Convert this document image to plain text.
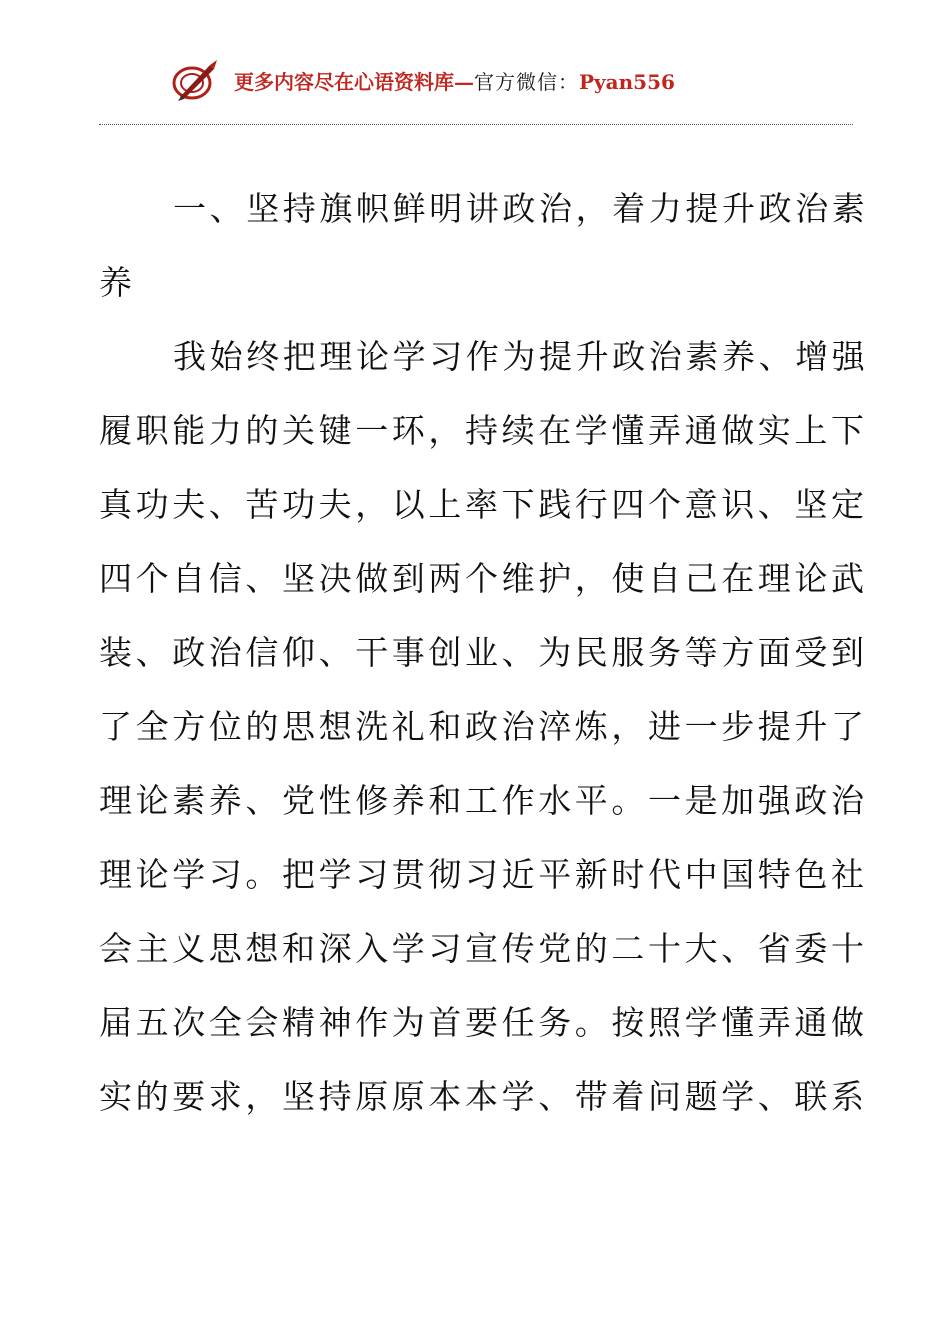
更多内容尽在心语资料库—官方微信：Pyan556
一、坚持旗帜鲜明讲政治，着力提升政治素
养
我始终把理论学习作为提升政治素养、增强
履职能力的关键一环，持续在学懂弄通做实上下
真功夫、苦功夫，以上率下践行四个意识、坚定
四个自信、坚决做到两个维护，使自己在理论武
装、政治信仰、干事创业、为民服务等方面受到
了全方位的思想洗礼和政治淬炼，进一步提升了
理论素养、党性修养和工作水平。一是加强政治
理论学习。把学习贯彻习近平新时代中国特色社
会主义思想和深入学习宣传党的二十大、省委十
届五次全会精神作为首要任务。按照学懂弄通做
实的要求，坚持原原本本学、带着问题学、联系
